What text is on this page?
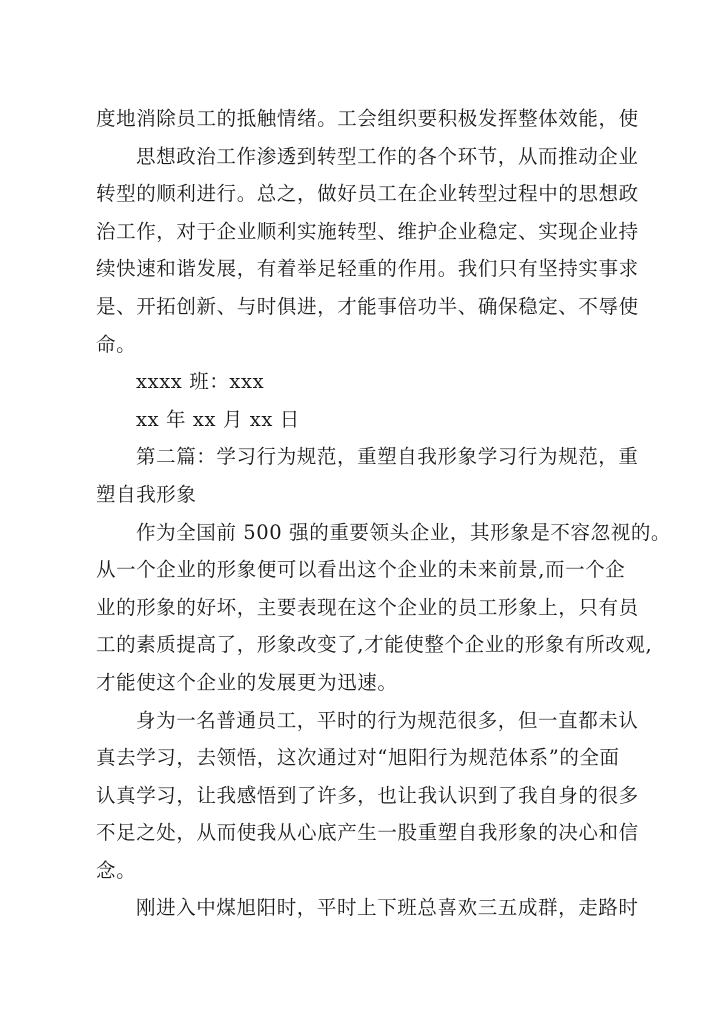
度地消除员工的抵触情绪。工会组织要积极发挥整体效能，使
思想政治工作渗透到转型工作的各个环节，从而推动企业
转型的顺利进行。总之，做好员工在企业转型过程中的思想政
治工作，对于企业顺利实施转型、维护企业稳定、实现企业持
续快速和谐发展，有着举足轻重的作用。我们只有坚持实事求
是、开拓创新、与时俱进，才能事倍功半、确保稳定、不辱使
命。
xxxx 班：xxx
xx 年 xx 月 xx 日
第二篇：学习行为规范，重塑自我形象学习行为规范，重
塑自我形象
作为全国前 500 强的重要领头企业，其形象是不容忽视的。
从一个企业的形象便可以看出这个企业的未来前景,而一个企
业的形象的好坏，主要表现在这个企业的员工形象上，只有员
工的素质提高了，形象改变了,才能使整个企业的形象有所改观,
才能使这个企业的发展更为迅速。
身为一名普通员工，平时的行为规范很多，但一直都未认
真去学习，去领悟，这次通过对“旭阳行为规范体系”的全面
认真学习，让我感悟到了许多，也让我认识到了我自身的很多
不足之处，从而使我从心底产生一股重塑自我形象的决心和信
念。
刚进入中煤旭阳时，平时上下班总喜欢三五成群，走路时
